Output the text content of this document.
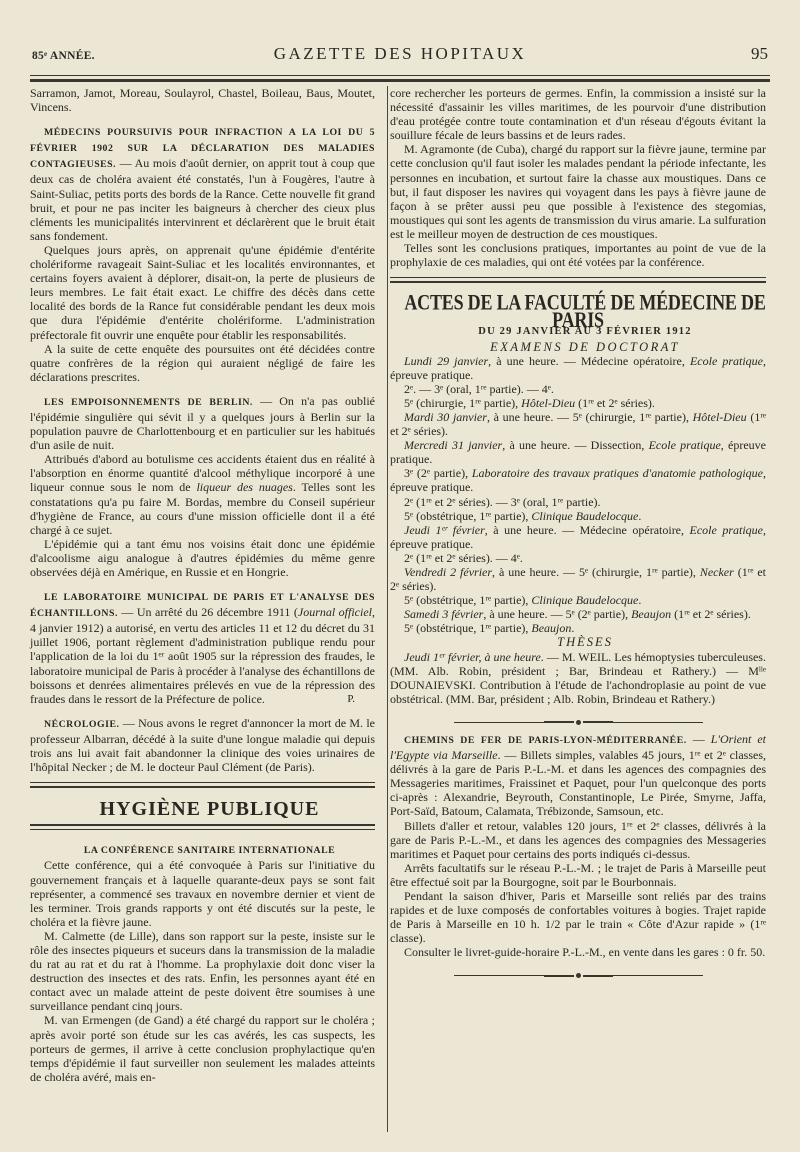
85ᵉ ANNÉE.	GAZETTE DES HOPITAUX	95

Sarramon, Jamot, Moreau, Soulayrol, Chastel, Boileau, Baus, Moutet, Vincens.

MÉDECINS POURSUIVIS POUR INFRACTION A LA LOI DU 5 FÉVRIER 1902 SUR LA DÉCLARATION DES MALADIES CONTAGIEUSES. — Au mois d'août dernier, on apprit tout à coup que deux cas de choléra avaient été constatés, l'un à Fougères, l'autre à Saint-Suliac, petits ports des bords de la Rance. Cette nouvelle fit grand bruit, et pour ne pas inciter les baigneurs à chercher des cieux plus cléments les municipalités intervinrent et déclarèrent que le bruit était sans fondement.

Quelques jours après, on apprenait qu'une épidémie d'entérite cholériforme ravageait Saint-Suliac et les localités environnantes, et certains foyers avaient à déplorer, disait-on, la perte de plusieurs de leurs membres. Le fait était exact. Le chiffre des décès dans cette localité des bords de la Rance fut considérable pendant les deux mois que dura l'épidémie d'entérite cholériforme. L'administration préfectorale fit ouvrir une enquête pour établir les responsabilités.

A la suite de cette enquête des poursuites ont été décidées contre quatre confrères de la région qui auraient négligé de faire les déclarations prescrites.

LES EMPOISONNEMENTS DE BERLIN. — On n'a pas oublié l'épidémie singulière qui sévit il y a quelques jours à Berlin sur la population pauvre de Charlottenbourg et en particulier sur les habitués d'un asile de nuit.

Attribués d'abord au botulisme ces accidents étaient dus en réalité à l'absorption en énorme quantité d'alcool méthylique incorporé à une liqueur connue sous le nom de liqueur des nuages. Telles sont les constatations qu'a pu faire M. Bordas, membre du Conseil supérieur d'hygiène de France, au cours d'une mission officielle dont il a été chargé à ce sujet.

L'épidémie qui a tant ému nos voisins était donc une épidémie d'alcoolisme aigu analogue à d'autres épidémies du même genre observées déjà en Amérique, en Russie et en Hongrie.

LE LABORATOIRE MUNICIPAL DE PARIS ET L'ANALYSE DES ÉCHANTILLONS. — Un arrêté du 26 décembre 1911 (Journal officiel, 4 janvier 1912) a autorisé, en vertu des articles 11 et 12 du décret du 31 juillet 1906, portant règlement d'administration publique rendu pour l'application de la loi du 1ᵉʳ août 1905 sur la répression des fraudes, le laboratoire municipal de Paris à procéder à l'analyse des échantillons de boissons et denrées alimentaires prélevés en vue de la répression des fraudes dans le ressort de la Préfecture de police.	P.

NÉCROLOGIE. — Nous avons le regret d'annoncer la mort de M. le professeur Albarran, décédé à la suite d'une longue maladie qui depuis trois ans lui avait fait abandonner la clinique des voies urinaires de l'hôpital Necker ; de M. le docteur Paul Clément (de Paris).

HYGIÈNE PUBLIQUE

LA CONFÉRENCE SANITAIRE INTERNATIONALE

Cette conférence, qui a été convoquée à Paris sur l'initiative du gouvernement français et à laquelle quarante-deux pays se sont fait représenter, a commencé ses travaux en novembre dernier et vient de les terminer. Trois grands rapports y ont été discutés sur la peste, le choléra et la fièvre jaune.

M. Calmette (de Lille), dans son rapport sur la peste, insiste sur le rôle des insectes piqueurs et suceurs dans la transmission de la maladie du rat au rat et du rat à l'homme. La prophylaxie doit donc viser la destruction des insectes et des rats. Enfin, les personnes ayant été en contact avec un malade atteint de peste doivent être soumises à une surveillance pendant cinq jours.

M. van Ermengen (de Gand) a été chargé du rapport sur le choléra ; après avoir porté son étude sur les cas avérés, les cas suspects, les porteurs de germes, il arrive à cette conclusion prophylactique qu'en temps d'épidémie il faut surveiller non seulement les malades atteints de choléra avéré, mais en-

core rechercher les porteurs de germes. Enfin, la commission a insisté sur la nécessité d'assainir les villes maritimes, de les pourvoir d'une distribution d'eau protégée contre toute contamination et d'un réseau d'égouts évitant la souillure fécale de leurs bassins et de leurs rades.

M. Agramonte (de Cuba), chargé du rapport sur la fièvre jaune, termine par cette conclusion qu'il faut isoler les malades pendant la période infectante, les personnes en incubation, et surtout faire la chasse aux moustiques. Dans ce but, il faut disposer les navires qui voyagent dans les pays à fièvre jaune de façon à se prêter aussi peu que possible à l'existence des stegomias, moustiques qui sont les agents de transmission du virus amarie. La sulfuration est le meilleur moyen de destruction de ces moustiques.

Telles sont les conclusions pratiques, importantes au point de vue de la prophylaxie de ces maladies, qui ont été votées par la conférence.

ACTES DE LA FACULTÉ DE MÉDECINE DE PARIS

DU 29 JANVIER AU 3 FÉVRIER 1912

EXAMENS DE DOCTORAT

Lundi 29 janvier, à une heure. — Médecine opératoire, Ecole pratique, épreuve pratique.

2ᵉ. — 3ᵉ (oral, 1ʳᵉ partie). — 4ᵉ.

5ᵉ (chirurgie, 1ʳᵉ partie), Hôtel-Dieu (1ʳᵉ et 2ᵉ séries).

Mardi 30 janvier, à une heure. — 5ᵉ (chirurgie, 1ʳᵉ partie), Hôtel-Dieu (1ʳᵉ et 2ᵉ séries).

Mercredi 31 janvier, à une heure. — Dissection, Ecole pratique, épreuve pratique.

3ᵉ (2ᵉ partie), Laboratoire des travaux pratiques d'anatomie pathologique, épreuve pratique.

2ᵉ (1ʳᵉ et 2ᵉ séries). — 3ᵉ (oral, 1ʳᵉ partie).

5ᵉ (obstétrique, 1ʳᵉ partie), Clinique Baudelocque.

Jeudi 1ᵉʳ février, à une heure. — Médecine opératoire, Ecole pratique, épreuve pratique.

2ᵉ (1ʳᵉ et 2ᵉ séries). — 4ᵉ.

Vendredi 2 février, à une heure. — 5ᵉ (chirurgie, 1ʳᵉ partie), Necker (1ʳᵉ et 2ᵉ séries).

5ᵉ (obstétrique, 1ʳᵉ partie), Clinique Baudelocque.

Samedi 3 février, à une heure. — 5ᵉ (2ᵉ partie), Beaujon (1ʳᵉ et 2ᵉ séries).

5ᵉ (obstétrique, 1ʳᵉ partie), Beaujon.

THÈSES

Jeudi 1ᵉʳ février, à une heure. — M. WEIL. Les hémoptysies tuberculeuses. (MM. Alb. Robin, président ; Bar, Brindeau et Rathery.) — Mˡˡᵉ DOUNAIEVSKI. Contribution à l'étude de l'achondroplasie au point de vue obstétrical. (MM. Bar, président ; Alb. Robin, Brindeau et Rathery.)

CHEMINS DE FER DE PARIS-LYON-MÉDITERRANÉE. — L'Orient et l'Egypte via Marseille. — Billets simples, valables 45 jours, 1ʳᵉ et 2ᵉ classes, délivrés à la gare de Paris P.-L.-M. et dans les agences des compagnies des Messageries maritimes, Fraissinet et Paquet, pour l'un quelconque des ports ci-après : Alexandrie, Beyrouth, Constantinople, Le Pirée, Smyrne, Jaffa, Port-Saïd, Batoum, Calamata, Trébizonde, Samsoun, etc.

Billets d'aller et retour, valables 120 jours, 1ʳᵉ et 2ᵉ classes, délivrés à la gare de Paris P.-L.-M., et dans les agences des compagnies des Messageries maritimes et Paquet pour certains des ports indiqués ci-dessus.

Arrêts facultatifs sur le réseau P.-L.-M. ; le trajet de Paris à Marseille peut être effectué soit par la Bourgogne, soit par le Bourbonnais.

Pendant la saison d'hiver, Paris et Marseille sont reliés par des trains rapides et de luxe composés de confortables voitures à bogies. Trajet rapide de Paris à Marseille en 10 h. 1/2 par le train « Côte d'Azur rapide » (1ʳᵉ classe).

Consulter le livret-guide-horaire P.-L.-M., en vente dans les gares : 0 fr. 50.
